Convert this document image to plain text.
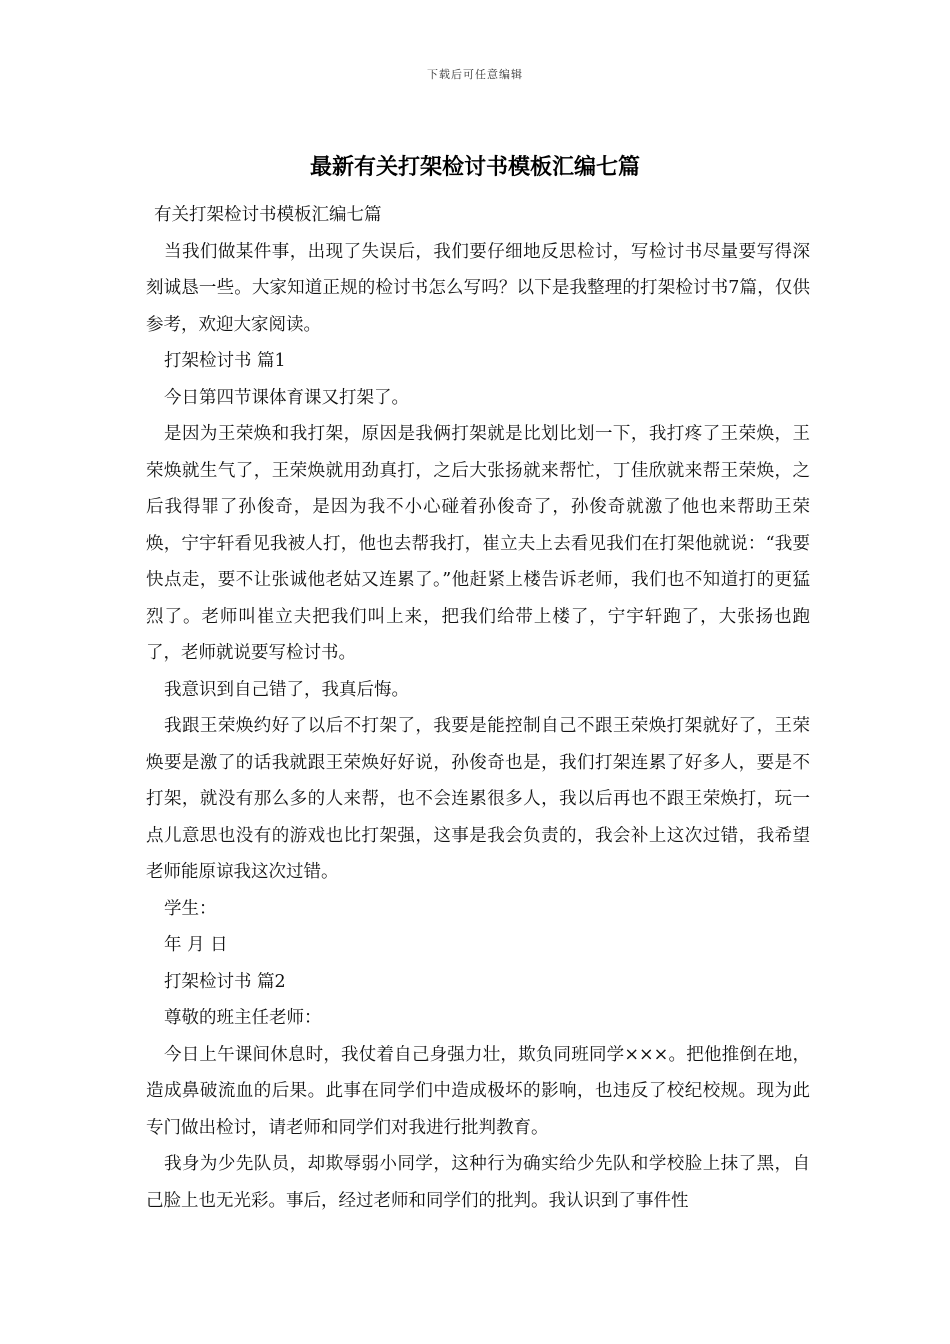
下载后可任意编辑
最新有关打架检讨书模板汇编七篇

有关打架检讨书模板汇编七篇

当我们做某件事，出现了失误后，我们要仔细地反思检讨，写检讨书尽量要写得深刻诚恳一些。大家知道正规的检讨书怎么写吗？以下是我整理的打架检讨书7篇，仅供参考，欢迎大家阅读。

打架检讨书 篇1

今日第四节课体育课又打架了。

是因为王荣焕和我打架，原因是我俩打架就是比划比划一下，我打疼了王荣焕，王荣焕就生气了，王荣焕就用劲真打，之后大张扬就来帮忙，丁佳欣就来帮王荣焕，之后我得罪了孙俊奇，是因为我不小心碰着孙俊奇了，孙俊奇就激了他也来帮助王荣焕，宁宇轩看见我被人打，他也去帮我打，崔立夫上去看见我们在打架他就说：“我要快点走，要不让张诚他老姑又连累了。”他赶紧上楼告诉老师，我们也不知道打的更猛烈了。老师叫崔立夫把我们叫上来，把我们给带上楼了，宁宇轩跑了，大张扬也跑了，老师就说要写检讨书。

我意识到自己错了，我真后悔。

我跟王荣焕约好了以后不打架了，我要是能控制自己不跟王荣焕打架就好了，王荣焕要是激了的话我就跟王荣焕好好说，孙俊奇也是，我们打架连累了好多人，要是不打架，就没有那么多的人来帮，也不会连累很多人，我以后再也不跟王荣焕打，玩一点儿意思也没有的游戏也比打架强，这事是我会负责的，我会补上这次过错，我希望老师能原谅我这次过错。

学生：

年 月 日

打架检讨书 篇2

尊敬的班主任老师：

今日上午课间休息时，我仗着自己身强力壮，欺负同班同学×××。把他推倒在地，造成鼻破流血的后果。此事在同学们中造成极坏的影响，也违反了校纪校规。现为此专门做出检讨，请老师和同学们对我进行批判教育。

我身为少先队员，却欺辱弱小同学，这种行为确实给少先队和学校脸上抹了黑，自己脸上也无光彩。事后，经过老师和同学们的批判。我认识到了事件性
